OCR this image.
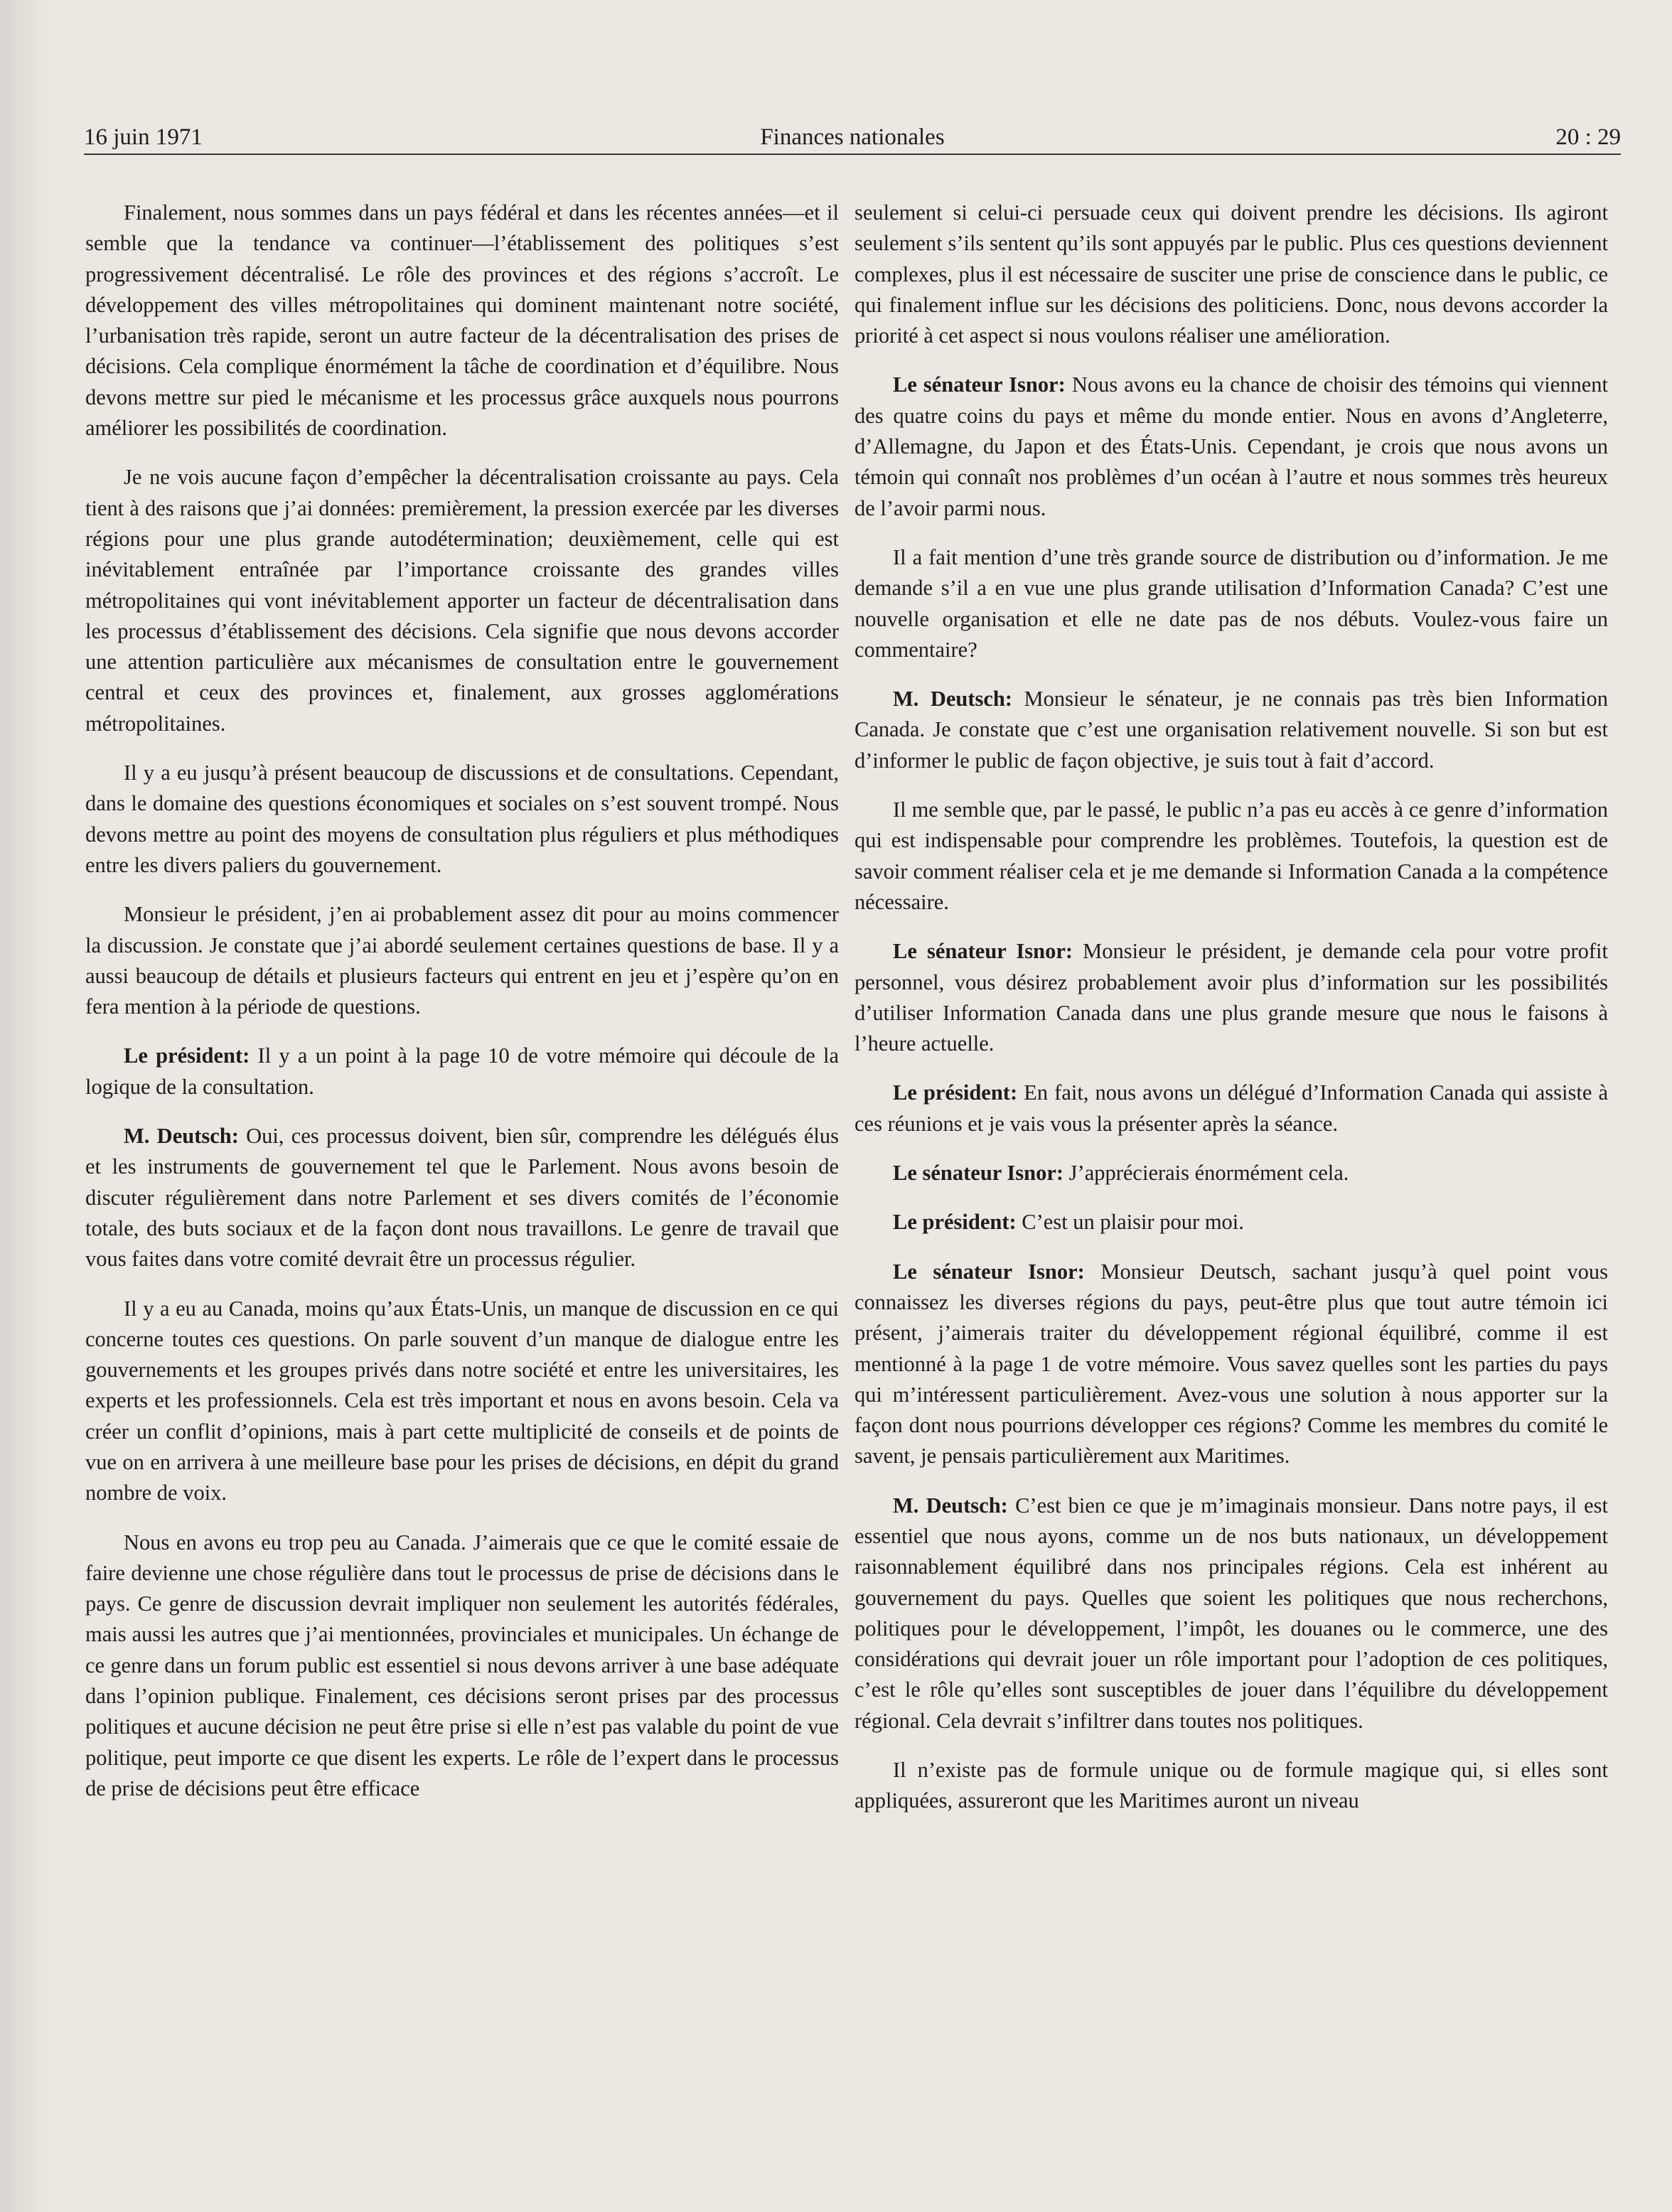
16 juin 1971	Finances nationales	20 : 29

Finalement, nous sommes dans un pays fédéral et dans les récentes années—et il semble que la tendance va continuer—l’établissement des politiques s’est progressivement décentralisé. Le rôle des provinces et des régions s’accroît. Le développement des villes métropolitaines qui dominent maintenant notre société, l’urbanisation très rapide, seront un autre facteur de la décentralisation des prises de décisions. Cela complique énormément la tâche de coordination et d’équilibre. Nous devons mettre sur pied le mécanisme et les processus grâce auxquels nous pourrons améliorer les possibilités de coordination.

Je ne vois aucune façon d’empêcher la décentralisation croissante au pays. Cela tient à des raisons que j’ai données: premièrement, la pression exercée par les diverses régions pour une plus grande autodétermination; deuxièmement, celle qui est inévitablement entraînée par l’importance croissante des grandes villes métropolitaines qui vont inévitablement apporter un facteur de décentralisation dans les processus d’établissement des décisions. Cela signifie que nous devons accorder une attention particulière aux mécanismes de consultation entre le gouvernement central et ceux des provinces et, finalement, aux grosses agglomérations métropolitaines.

Il y a eu jusqu’à présent beaucoup de discussions et de consultations. Cependant, dans le domaine des questions économiques et sociales on s’est souvent trompé. Nous devons mettre au point des moyens de consultation plus réguliers et plus méthodiques entre les divers paliers du gouvernement.

Monsieur le président, j’en ai probablement assez dit pour au moins commencer la discussion. Je constate que j’ai abordé seulement certaines questions de base. Il y a aussi beaucoup de détails et plusieurs facteurs qui entrent en jeu et j’espère qu’on en fera mention à la période de questions.

Le président: Il y a un point à la page 10 de votre mémoire qui découle de la logique de la consultation.

M. Deutsch: Oui, ces processus doivent, bien sûr, comprendre les délégués élus et les instruments de gouvernement tel que le Parlement. Nous avons besoin de discuter régulièrement dans notre Parlement et ses divers comités de l’économie totale, des buts sociaux et de la façon dont nous travaillons. Le genre de travail que vous faites dans votre comité devrait être un processus régulier.

Il y a eu au Canada, moins qu’aux États-Unis, un manque de discussion en ce qui concerne toutes ces questions. On parle souvent d’un manque de dialogue entre les gouvernements et les groupes privés dans notre société et entre les universitaires, les experts et les professionnels. Cela est très important et nous en avons besoin. Cela va créer un conflit d’opinions, mais à part cette multiplicité de conseils et de points de vue on en arrivera à une meilleure base pour les prises de décisions, en dépit du grand nombre de voix.

Nous en avons eu trop peu au Canada. J’aimerais que ce que le comité essaie de faire devienne une chose régulière dans tout le processus de prise de décisions dans le pays. Ce genre de discussion devrait impliquer non seulement les autorités fédérales, mais aussi les autres que j’ai mentionnées, provinciales et municipales. Un échange de ce genre dans un forum public est essentiel si nous devons arriver à une base adéquate dans l’opinion publique. Finalement, ces décisions seront prises par des processus politiques et aucune décision ne peut être prise si elle n’est pas valable du point de vue politique, peut importe ce que disent les experts. Le rôle de l’expert dans le processus de prise de décisions peut être efficace

seulement si celui-ci persuade ceux qui doivent prendre les décisions. Ils agiront seulement s’ils sentent qu’ils sont appuyés par le public. Plus ces questions deviennent complexes, plus il est nécessaire de susciter une prise de conscience dans le public, ce qui finalement influe sur les décisions des politiciens. Donc, nous devons accorder la priorité à cet aspect si nous voulons réaliser une amélioration.

Le sénateur Isnor: Nous avons eu la chance de choisir des témoins qui viennent des quatre coins du pays et même du monde entier. Nous en avons d’Angleterre, d’Allemagne, du Japon et des États-Unis. Cependant, je crois que nous avons un témoin qui connaît nos problèmes d’un océan à l’autre et nous sommes très heureux de l’avoir parmi nous.

Il a fait mention d’une très grande source de distribution ou d’information. Je me demande s’il a en vue une plus grande utilisation d’Information Canada? C’est une nouvelle organisation et elle ne date pas de nos débuts. Voulez-vous faire un commentaire?

M. Deutsch: Monsieur le sénateur, je ne connais pas très bien Information Canada. Je constate que c’est une organisation relativement nouvelle. Si son but est d’informer le public de façon objective, je suis tout à fait d’accord.

Il me semble que, par le passé, le public n’a pas eu accès à ce genre d’information qui est indispensable pour comprendre les problèmes. Toutefois, la question est de savoir comment réaliser cela et je me demande si Information Canada a la compétence nécessaire.

Le sénateur Isnor: Monsieur le président, je demande cela pour votre profit personnel, vous désirez probablement avoir plus d’information sur les possibilités d’utiliser Information Canada dans une plus grande mesure que nous le faisons à l’heure actuelle.

Le président: En fait, nous avons un délégué d’Information Canada qui assiste à ces réunions et je vais vous la présenter après la séance.

Le sénateur Isnor: J’apprécierais énormément cela.

Le président: C’est un plaisir pour moi.

Le sénateur Isnor: Monsieur Deutsch, sachant jusqu’à quel point vous connaissez les diverses régions du pays, peut-être plus que tout autre témoin ici présent, j’aimerais traiter du développement régional équilibré, comme il est mentionné à la page 1 de votre mémoire. Vous savez quelles sont les parties du pays qui m’intéressent particulièrement. Avez-vous une solution à nous apporter sur la façon dont nous pourrions développer ces régions? Comme les membres du comité le savent, je pensais particulièrement aux Maritimes.

M. Deutsch: C’est bien ce que je m’imaginais monsieur. Dans notre pays, il est essentiel que nous ayons, comme un de nos buts nationaux, un développement raisonnablement équilibré dans nos principales régions. Cela est inhérent au gouvernement du pays. Quelles que soient les politiques que nous recherchons, politiques pour le développement, l’impôt, les douanes ou le commerce, une des considérations qui devrait jouer un rôle important pour l’adoption de ces politiques, c’est le rôle qu’elles sont susceptibles de jouer dans l’équilibre du développement régional. Cela devrait s’infiltrer dans toutes nos politiques.

Il n’existe pas de formule unique ou de formule magique qui, si elles sont appliquées, assureront que les Maritimes auront un niveau
